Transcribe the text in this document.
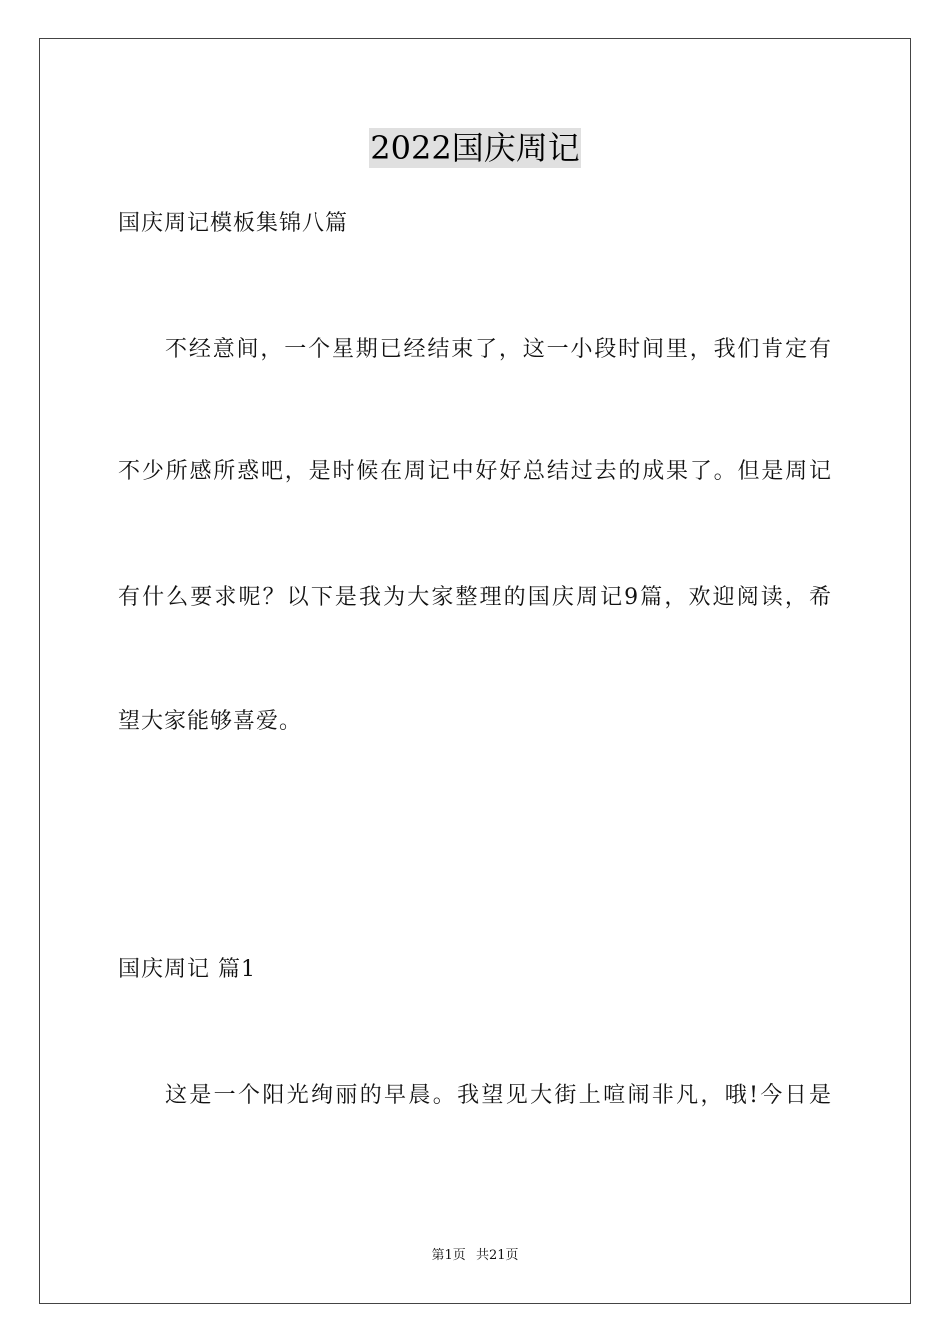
2022国庆周记
国庆周记模板集锦八篇
不经意间，一个星期已经结束了，这一小段时间里，我们肯定有
不少所感所惑吧，是时候在周记中好好总结过去的成果了。但是周记
有什么要求呢？以下是我为大家整理的国庆周记9篇，欢迎阅读，希
望大家能够喜爱。
国庆周记 篇1
这是一个阳光绚丽的早晨。我望见大街上喧闹非凡，哦!今日是
第1页 共21页
